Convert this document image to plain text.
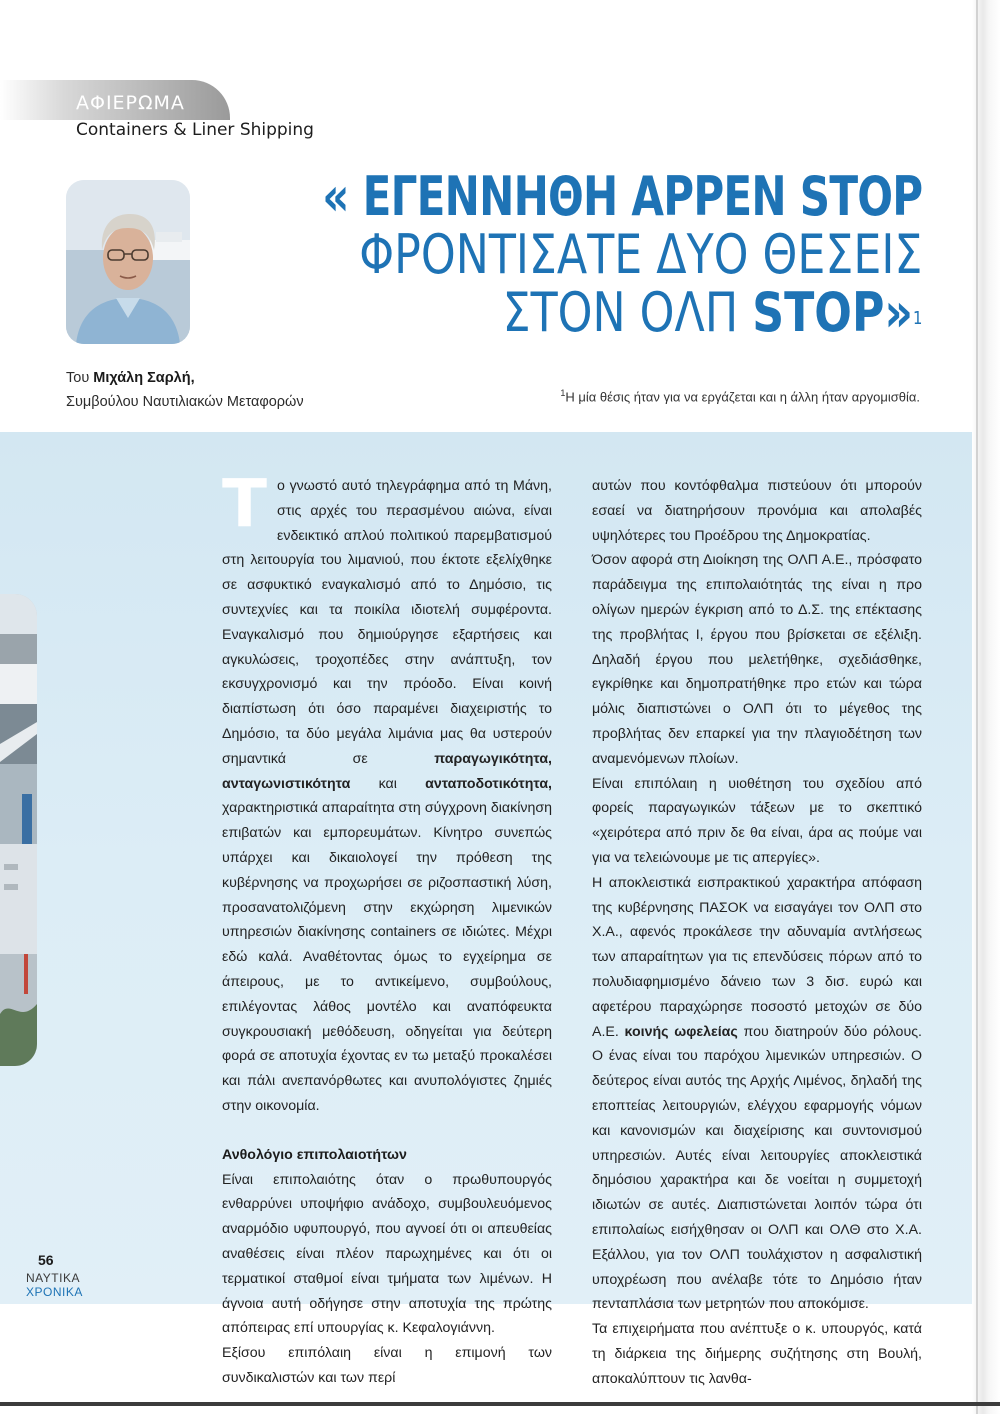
ΑΦΙΕΡΩΜΑ
Containers & Liner Shipping
Του Μιχάλη Σαρλή,
Συμβούλου Ναυτιλιακών Μεταφορών
« ΕΓΕΝΝΗΘΗ APPEN STOP
ΦΡΟΝΤΙΣΑΤΕ ΔΥΟ ΘΕΣΕΙΣ
ΣΤΟΝ ΟΛΠ STOP»$^1$
$^1$Η μία θέσις ήταν για να εργάζεται και η άλλη ήταν αργομισθία.

Το γνωστό αυτό τηλεγράφημα από τη Μάνη, στις αρχές του περασμένου αιώνα, είναι ενδεικτικό απλού πολιτικού παρεμβατισμού στη λειτουργία του λιμανιού, που έκτοτε εξελίχθηκε σε ασφυκτικό εναγκαλισμό από το Δημόσιο, τις συντεχνίες και τα ποικίλα ιδιοτελή συμφέροντα. Εναγκαλισμό που δημιούργησε εξαρτήσεις και αγκυλώσεις, τροχοπέδες στην ανάπτυξη, τον εκσυγχρονισμό και την πρόοδο. Είναι κοινή διαπίστωση ότι όσο παραμένει διαχειριστής το Δημόσιο, τα δύο μεγάλα λιμάνια μας θα υστερούν σημαντικά σε παραγωγικότητα, ανταγωνιστικότητα και ανταποδοτικότητα, χαρακτηριστικά απαραίτητα στη σύγχρονη διακίνηση επιβατών και εμπορευμάτων. Κίνητρο συνεπώς υπάρχει και δικαιολογεί την πρόθεση της κυβέρνησης να προχωρήσει σε ριζοσπαστική λύση, προσανατολιζόμενη στην εκχώρηση λιμενικών υπηρεσιών διακίνησης containers σε ιδιώτες. Μέχρι εδώ καλά. Αναθέτοντας όμως το εγχείρημα σε άπειρους, με το αντικείμενο, συμβούλους, επιλέγοντας λάθος μοντέλο και αναπόφευκτα συγκρουσιακή μεθόδευση, οδηγείται για δεύτερη φορά σε αποτυχία έχοντας εν τω μεταξύ προκαλέσει και πάλι ανεπανόρθωτες και ανυπολόγιστες ζημιές στην οικονομία.

Ανθολόγιο επιπολαιοτήτων

Είναι επιπολαιότης όταν ο πρωθυπουργός ενθαρρύνει υποψήφιο ανάδοχο, συμβουλευόμενος αναρμόδιο υφυπουργό, που αγνοεί ότι οι απευθείας αναθέσεις είναι πλέον παρωχημένες και ότι οι τερματικοί σταθμοί είναι τμήματα των λιμένων. Η άγνοια αυτή οδήγησε στην αποτυχία της πρώτης απόπειρας επί υπουργίας κ. Κεφαλογιάννη.

Εξίσου επιπόλαιη είναι η επιμονή των συνδικαλιστών και των περί

αυτών που κοντόφθαλμα πιστεύουν ότι μπορούν εσαεί να διατηρήσουν προνόμια και απολαβές υψηλότερες του Προέδρου της Δημοκρατίας.

Όσον αφορά στη Διοίκηση της ΟΛΠ Α.Ε., πρόσφατο παράδειγμα της επιπολαιότητάς της είναι η προ ολίγων ημερών έγκριση από το Δ.Σ. της επέκτασης της προβλήτας Ι, έργου που βρίσκεται σε εξέλιξη. Δηλαδή έργου που μελετήθηκε, σχεδιάσθηκε, εγκρίθηκε και δημοπρατήθηκε προ ετών και τώρα μόλις διαπιστώνει ο ΟΛΠ ότι το μέγεθος της προβλήτας δεν επαρκεί για την πλαγιοδέτηση των αναμενόμενων πλοίων.

Είναι επιπόλαιη η υιοθέτηση του σχεδίου από φορείς παραγωγικών τάξεων με το σκεπτικό «χειρότερα από πριν δε θα είναι, άρα ας πούμε ναι για να τελειώνουμε με τις απεργίες».

Η αποκλειστικά εισπρακτικού χαρακτήρα απόφαση της κυβέρνησης ΠΑΣΟΚ να εισαγάγει τον ΟΛΠ στο Χ.Α., αφενός προκάλεσε την αδυναμία αντλήσεως των απαραίτητων για τις επενδύσεις πόρων από το πολυδιαφημισμένο δάνειο των 3 δισ. ευρώ και αφετέρου παραχώρησε ποσοστό μετοχών σε δύο Α.Ε. κοινής ωφελείας που διατηρούν δύο ρόλους. Ο ένας είναι του παρόχου λιμενικών υπηρεσιών. Ο δεύτερος είναι αυτός της Αρχής Λιμένος, δηλαδή της εποπτείας λειτουργιών, ελέγχου εφαρμογής νόμων και κανονισμών και διαχείρισης και συντονισμού υπηρεσιών. Αυτές είναι λειτουργίες αποκλειστικά δημόσιου χαρακτήρα και δε νοείται η συμμετοχή ιδιωτών σε αυτές. Διαπιστώνεται λοιπόν τώρα ότι επιπολαίως εισήχθησαν οι ΟΛΠ και ΟΛΘ στο Χ.Α. Εξάλλου, για τον ΟΛΠ τουλάχιστον η ασφαλιστική υποχρέωση που ανέλαβε τότε το Δημόσιο ήταν πενταπλάσια των μετρητών που αποκόμισε.

Τα επιχειρήματα που ανέπτυξε ο κ. υπουργός, κατά τη διάρκεια της διήμερης συζήτησης στη Βουλή, αποκαλύπτουν τις λανθα-

56
ΝΑΥΤΙΚΑ
ΧΡΟΝΙΚΑ
